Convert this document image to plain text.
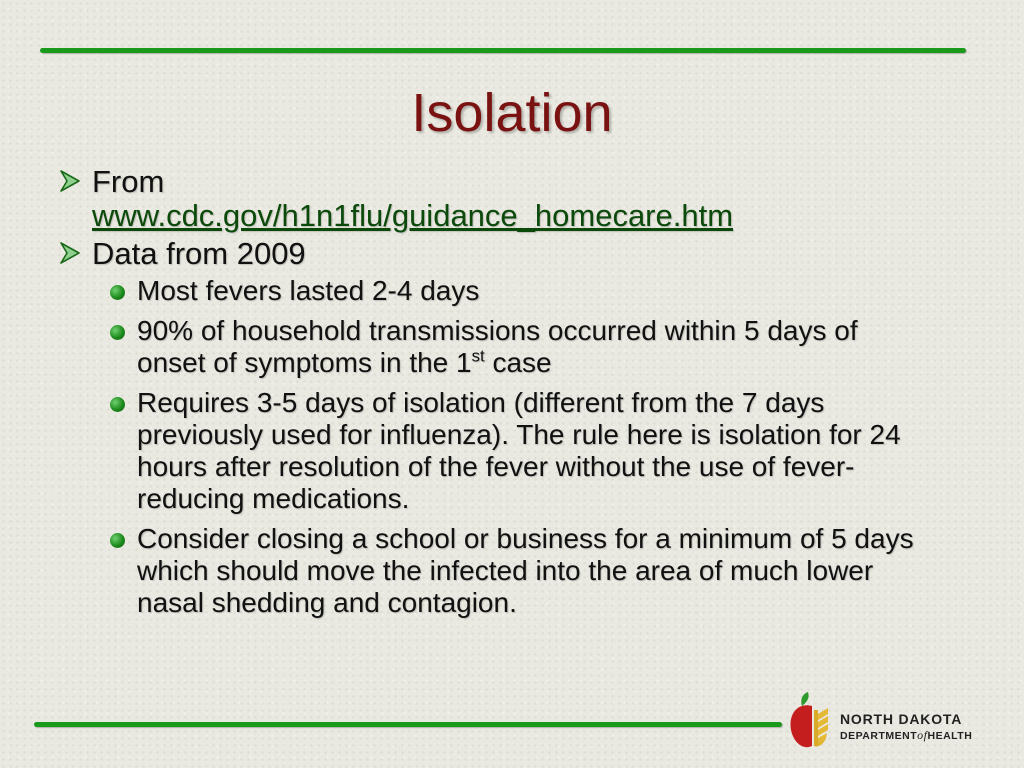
Isolation
From
www.cdc.gov/h1n1flu/guidance_homecare.htm
Data from 2009
Most fevers lasted 2-4 days
90% of household transmissions occurred within 5 days of onset of symptoms in the 1st case
Requires 3-5 days of isolation (different from the 7 days previously used for influenza). The rule here is isolation for 24 hours after resolution of the fever without the use of fever-reducing medications.
Consider closing a school or business for a minimum of 5 days which should move the infected into the area of much lower nasal shedding and contagion.
NORTH DAKOTA
DEPARTMENTofHEALTH
